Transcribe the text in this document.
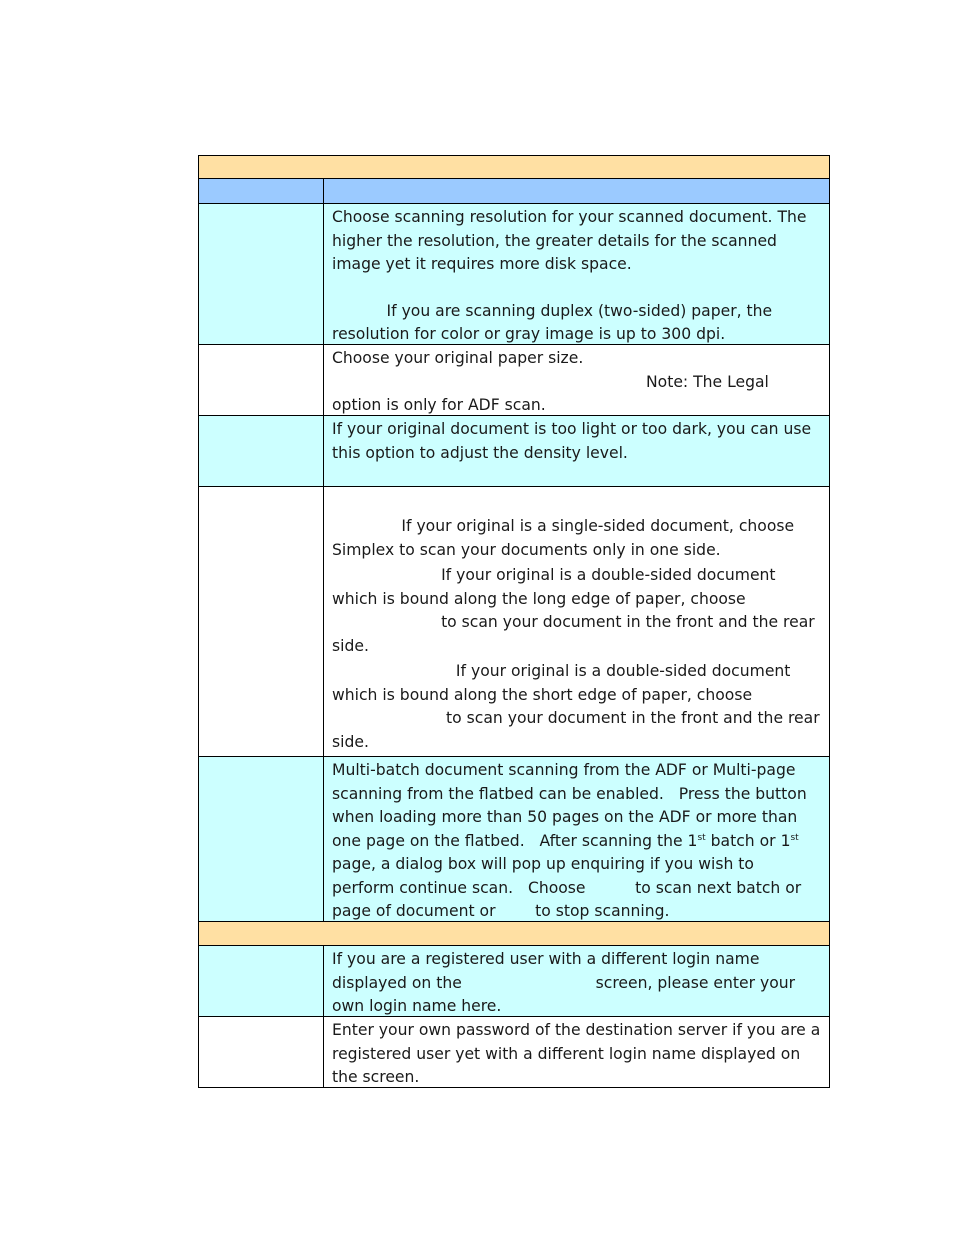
Choose scanning resolution for your scanned document. The higher the resolution, the greater details for the scanned image yet it requires more disk space.

If you are scanning duplex (two-sided) paper, the resolution for color or gray image is up to 300 dpi.

Choose your original paper size.

Note: The Legal

option is only for ADF scan.

If your original document is too light or too dark, you can use this option to adjust the density level.

If your original is a single-sided document, choose Simplex to scan your documents only in one side.

If your original is a double-sided document which is bound along the long edge of paper, choose

to scan your document in the front and the rear side.

If your original is a double-sided document which is bound along the short edge of paper, choose

to scan your document in the front and the rear side.

Multi-batch document scanning from the ADF or Multi-page scanning from the flatbed can be enabled.   Press the button when loading more than 50 pages on the ADF or more than one page on the flatbed.   After scanning the 1st batch or 1st page, a dialog box will pop up enquiring if you wish to perform continue scan.   Choose          to scan next batch or page of document or        to stop scanning.

If you are a registered user with a different login name displayed on the                           screen, please enter your own login name here.

Enter your own password of the destination server if you are a registered user yet with a different login name displayed on the screen.
